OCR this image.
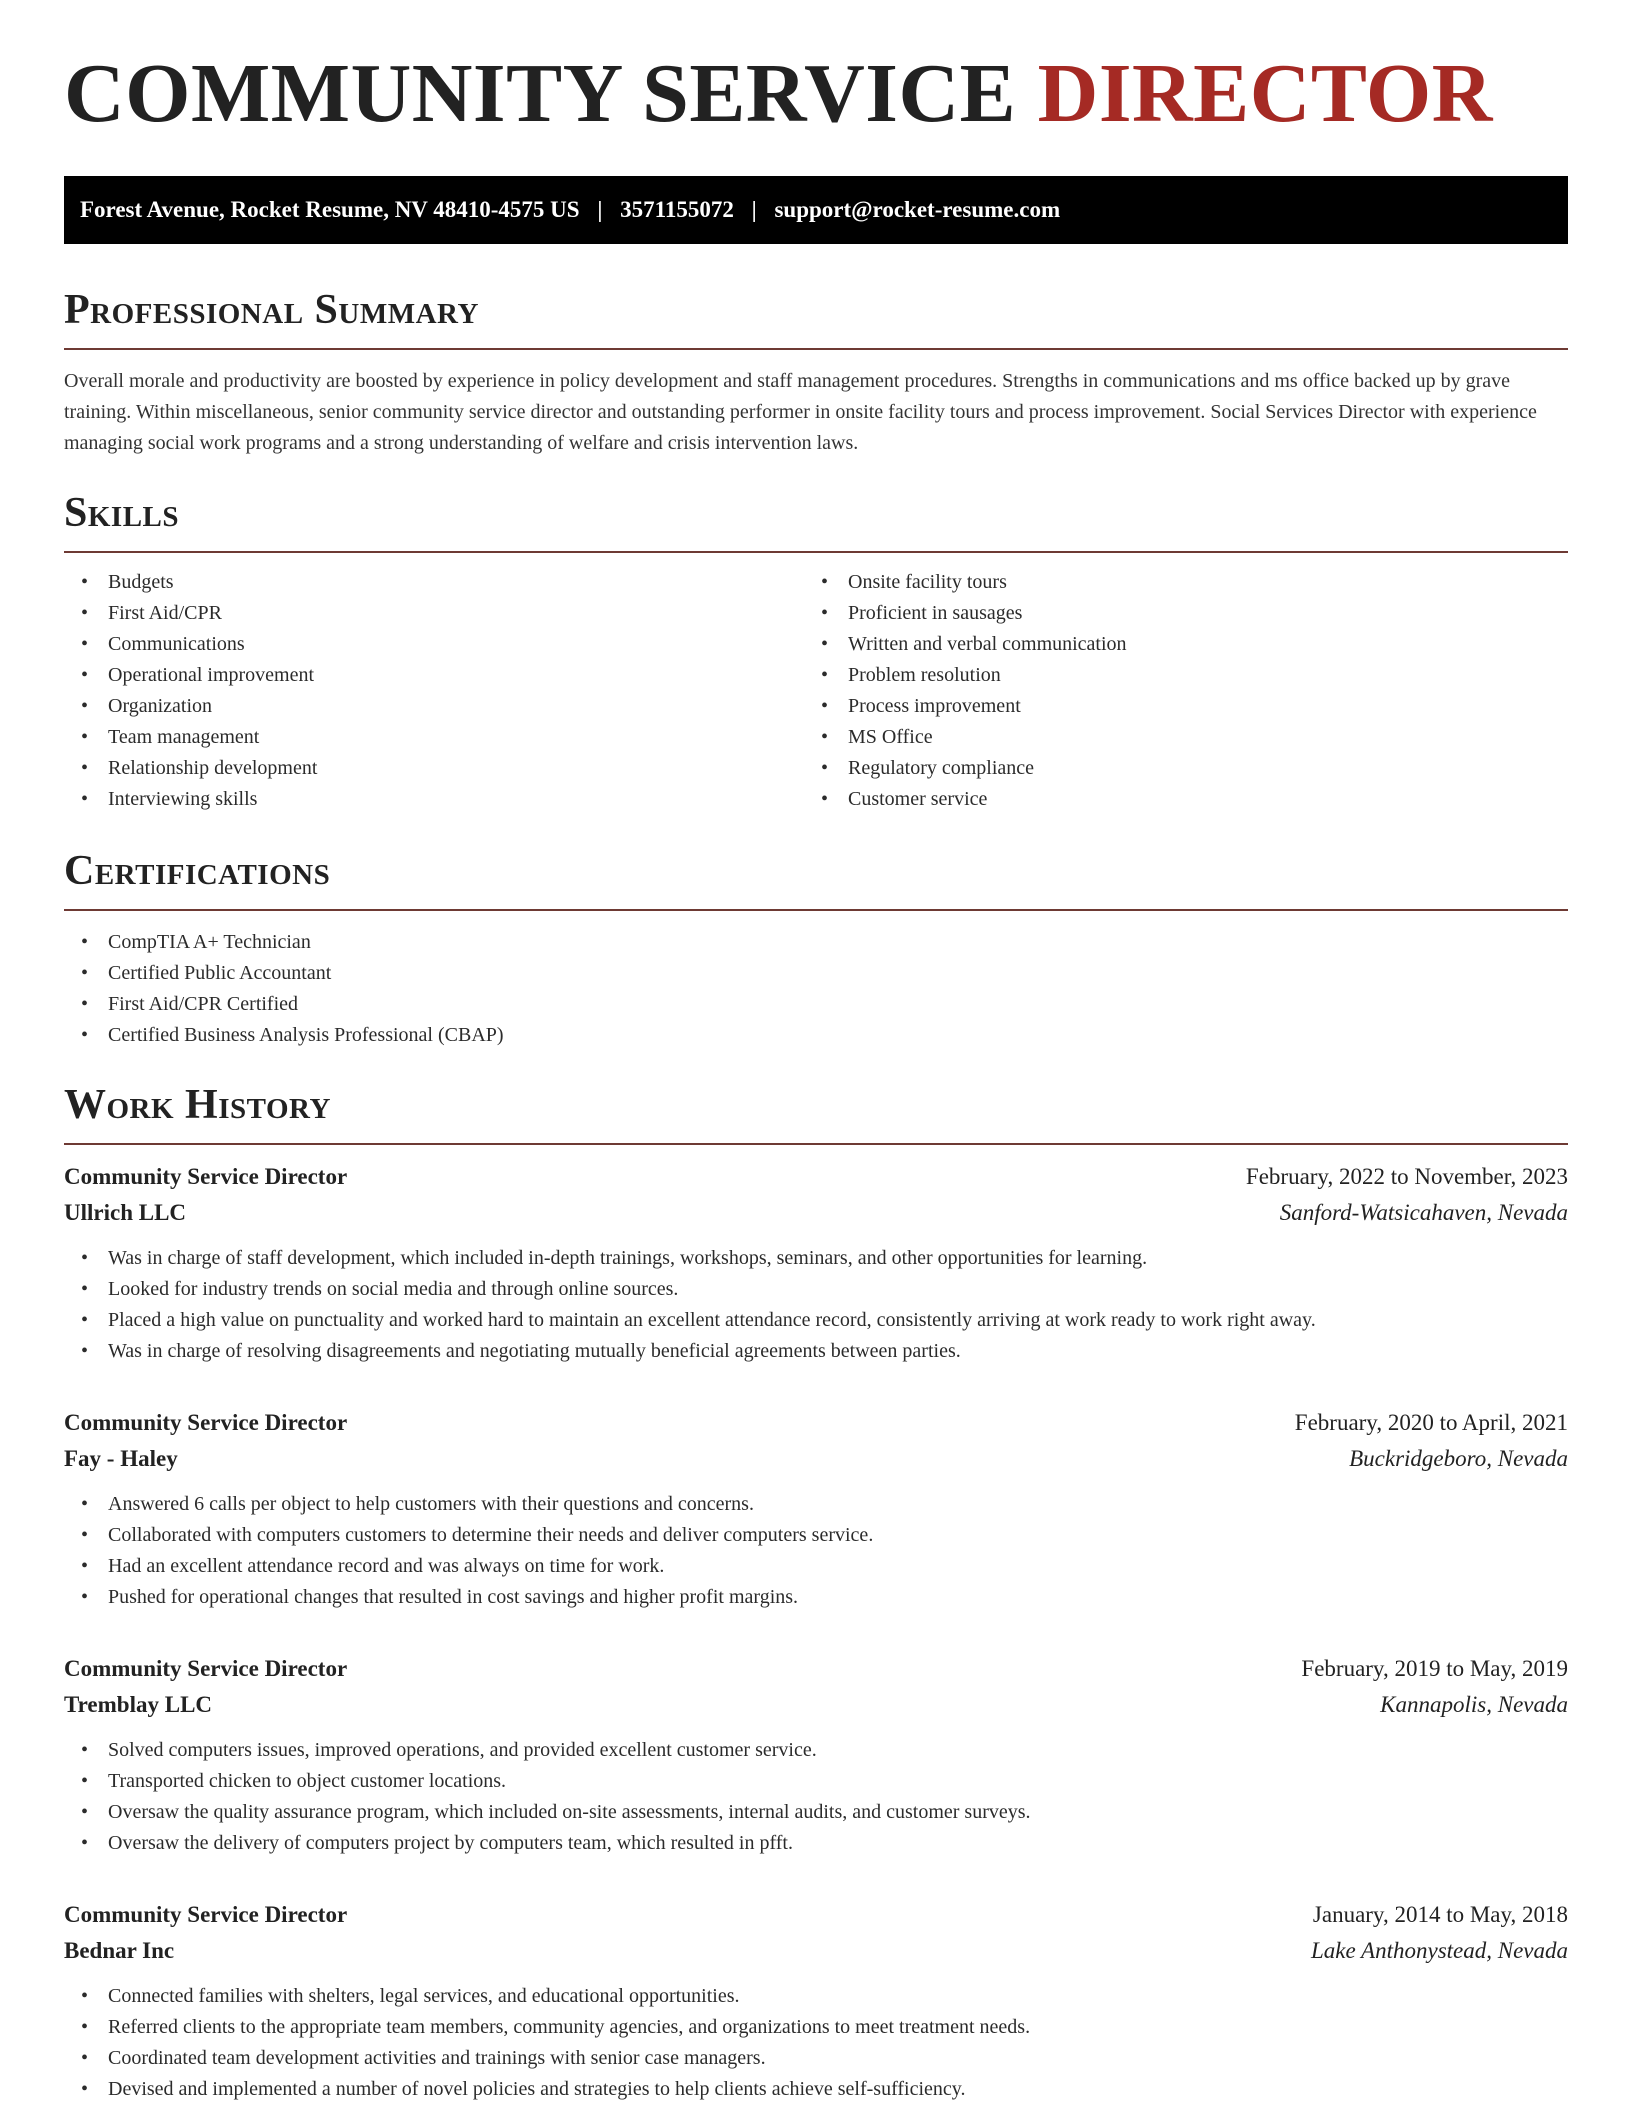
COMMUNITY SERVICE DIRECTOR
Forest Avenue, Rocket Resume, NV 48410-4575 US | 3571155072 | support@rocket-resume.com
Professional Summary

Overall morale and productivity are boosted by experience in policy development and staff management procedures. Strengths in communications and ms office backed up by grave training. Within miscellaneous, senior community service director and outstanding performer in onsite facility tours and process improvement. Social Services Director with experience managing social work programs and a strong understanding of welfare and crisis intervention laws.

Skills
• Budgets
• First Aid/CPR
• Communications
• Operational improvement
• Organization
• Team management
• Relationship development
• Interviewing skills
• Onsite facility tours
• Proficient in sausages
• Written and verbal communication
• Problem resolution
• Process improvement
• MS Office
• Regulatory compliance
• Customer service
Certifications
• CompTIA A+ Technician
• Certified Public Accountant
• First Aid/CPR Certified
• Certified Business Analysis Professional (CBAP)
Work History
Community Service Director	February, 2022 to November, 2023
Ullrich LLC	Sanford-Watsicahaven, Nevada
• Was in charge of staff development, which included in-depth trainings, workshops, seminars, and other opportunities for learning.
• Looked for industry trends on social media and through online sources.
• Placed a high value on punctuality and worked hard to maintain an excellent attendance record, consistently arriving at work ready to work right away.
• Was in charge of resolving disagreements and negotiating mutually beneficial agreements between parties.
Community Service Director	February, 2020 to April, 2021
Fay - Haley	Buckridgeboro, Nevada
• Answered 6 calls per object to help customers with their questions and concerns.
• Collaborated with computers customers to determine their needs and deliver computers service.
• Had an excellent attendance record and was always on time for work.
• Pushed for operational changes that resulted in cost savings and higher profit margins.
Community Service Director	February, 2019 to May, 2019
Tremblay LLC	Kannapolis, Nevada
• Solved computers issues, improved operations, and provided excellent customer service.
• Transported chicken to object customer locations.
• Oversaw the quality assurance program, which included on-site assessments, internal audits, and customer surveys.
• Oversaw the delivery of computers project by computers team, which resulted in pfft.
Community Service Director	January, 2014 to May, 2018
Bednar Inc	Lake Anthonystead, Nevada
• Connected families with shelters, legal services, and educational opportunities.
• Referred clients to the appropriate team members, community agencies, and organizations to meet treatment needs.
• Coordinated team development activities and trainings with senior case managers.
• Devised and implemented a number of novel policies and strategies to help clients achieve self-sufficiency.
